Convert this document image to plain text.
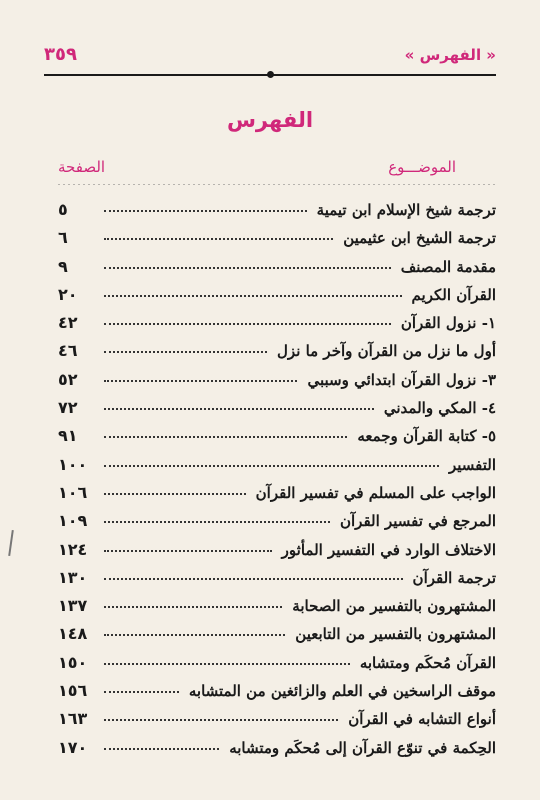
« الفهرس »
٣٥٩
الفهرس
الموضـــوع
الصفحة
ترجمة شيخ الإسلام ابن تيمية
٥
ترجمة الشيخ ابن عثيمين
٦
مقدمة المصنف
٩
القرآن الكريم
٢٠
١- نزول القرآن
٤٢
أول ما نزل من القرآن وآخر ما نزل
٤٦
٣- نزول القرآن ابتدائي وسببي
٥٢
٤- المكي والمدني
٧٢
٥- كتابة القرآن وجمعه
٩١
التفسير
١٠٠
الواجب على المسلم في تفسير القرآن
١٠٦
المرجع في تفسير القرآن
١٠٩
الاختلاف الوارد في التفسير المأثور
١٢٤
ترجمة القرآن
١٣٠
المشتهرون بالتفسير من الصحابة
١٣٧
المشتهرون بالتفسير من التابعين
١٤٨
القرآن مُحكَم ومتشابه
١٥٠
موقف الراسخين في العلم والزائغين من المتشابه
١٥٦
أنواع التشابه في القرآن
١٦٣
الحِكمة في تنوّع القرآن إلى مُحكَم ومتشابه
١٧٠
